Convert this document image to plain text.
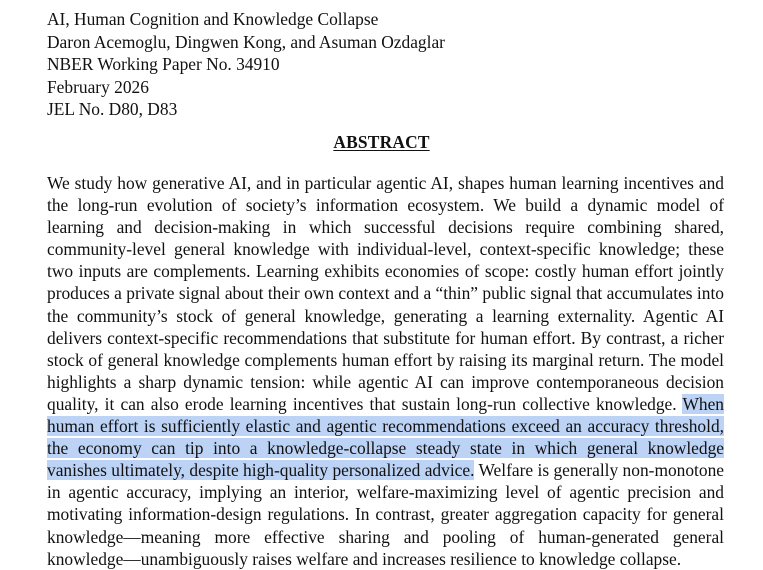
AI, Human Cognition and Knowledge Collapse
Daron Acemoglu, Dingwen Kong, and Asuman Ozdaglar
NBER Working Paper No. 34910
February 2026
JEL No. D80, D83
ABSTRACT
We study how generative AI, and in particular agentic AI, shapes human learning incentives and the long-run evolution of society’s information ecosystem. We build a dynamic model of learning and decision-making in which successful decisions require combining shared, community-level general knowledge with individual-level, context-specific knowledge; these two inputs are complements. Learning exhibits economies of scope: costly human effort jointly produces a private signal about their own context and a “thin” public signal that accumulates into the community’s stock of general knowledge, generating a learning externality. Agentic AI delivers context-specific recommendations that substitute for human effort. By contrast, a richer stock of general knowledge complements human effort by raising its marginal return. The model highlights a sharp dynamic tension: while agentic AI can improve contemporaneous decision quality, it can also erode learning incentives that sustain long-run collective knowledge. When human effort is sufficiently elastic and agentic recommendations exceed an accuracy threshold, the economy can tip into a knowledge-collapse steady state in which general knowledge vanishes ultimately, despite high-quality personalized advice. Welfare is generally non-monotone in agentic accuracy, implying an interior, welfare-maximizing level of agentic precision and motivating information-design regulations. In contrast, greater aggregation capacity for general knowledge—meaning more effective sharing and pooling of human-generated general knowledge—unambiguously raises welfare and increases resilience to knowledge collapse.
